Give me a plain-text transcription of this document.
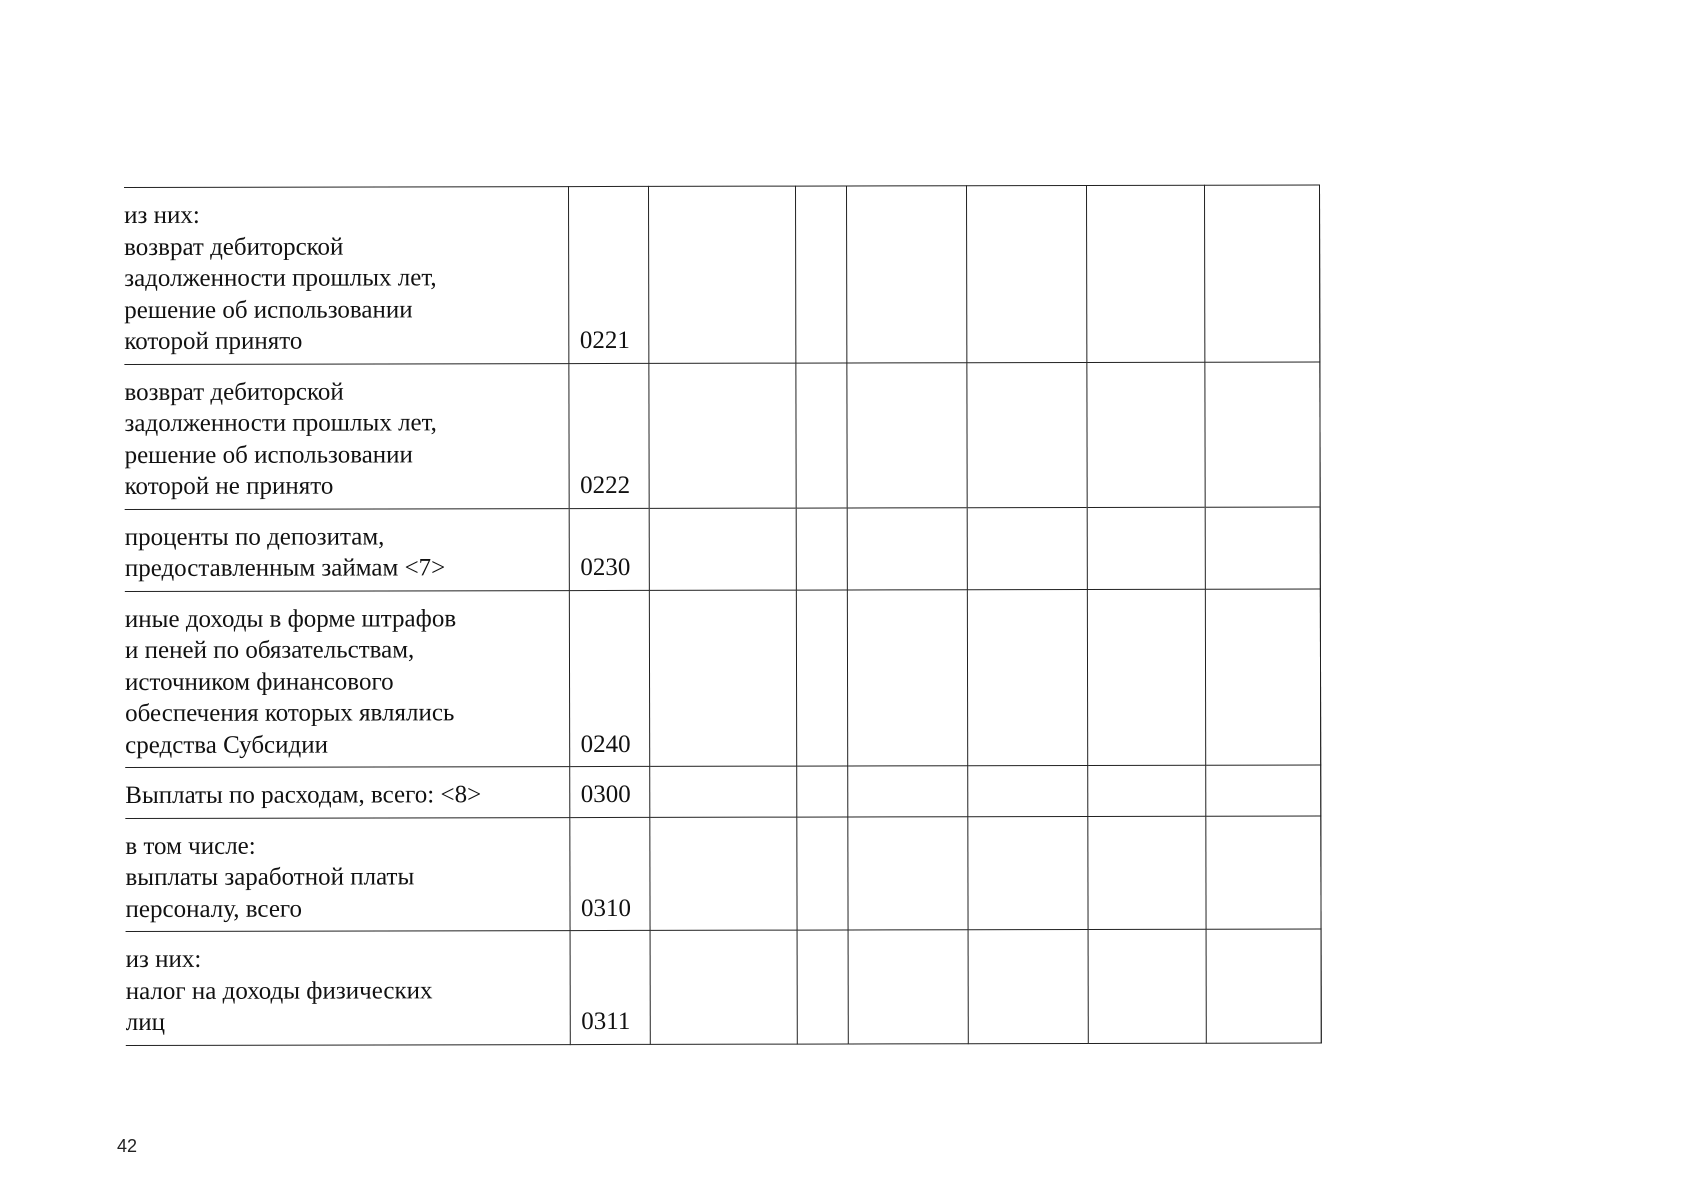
из них:
возврат дебиторской
задолженности прошлых лет,
решение об использовании
которой принято	0221							

возврат дебиторской
задолженности прошлых лет,
решение об использовании
которой не принято	0222							

проценты по депозитам,
предоставленным займам <7>	0230							

иные доходы в форме штрафов
и пеней по обязательствам,
источником финансового
обеспечения которых являлись
средства Субсидии	0240							

Выплаты по расходам, всего: <8>	0300							

в том числе:
выплаты заработной платы
персоналу, всего	0310							

из них:
налог на доходы физических
лиц	0311							
42
